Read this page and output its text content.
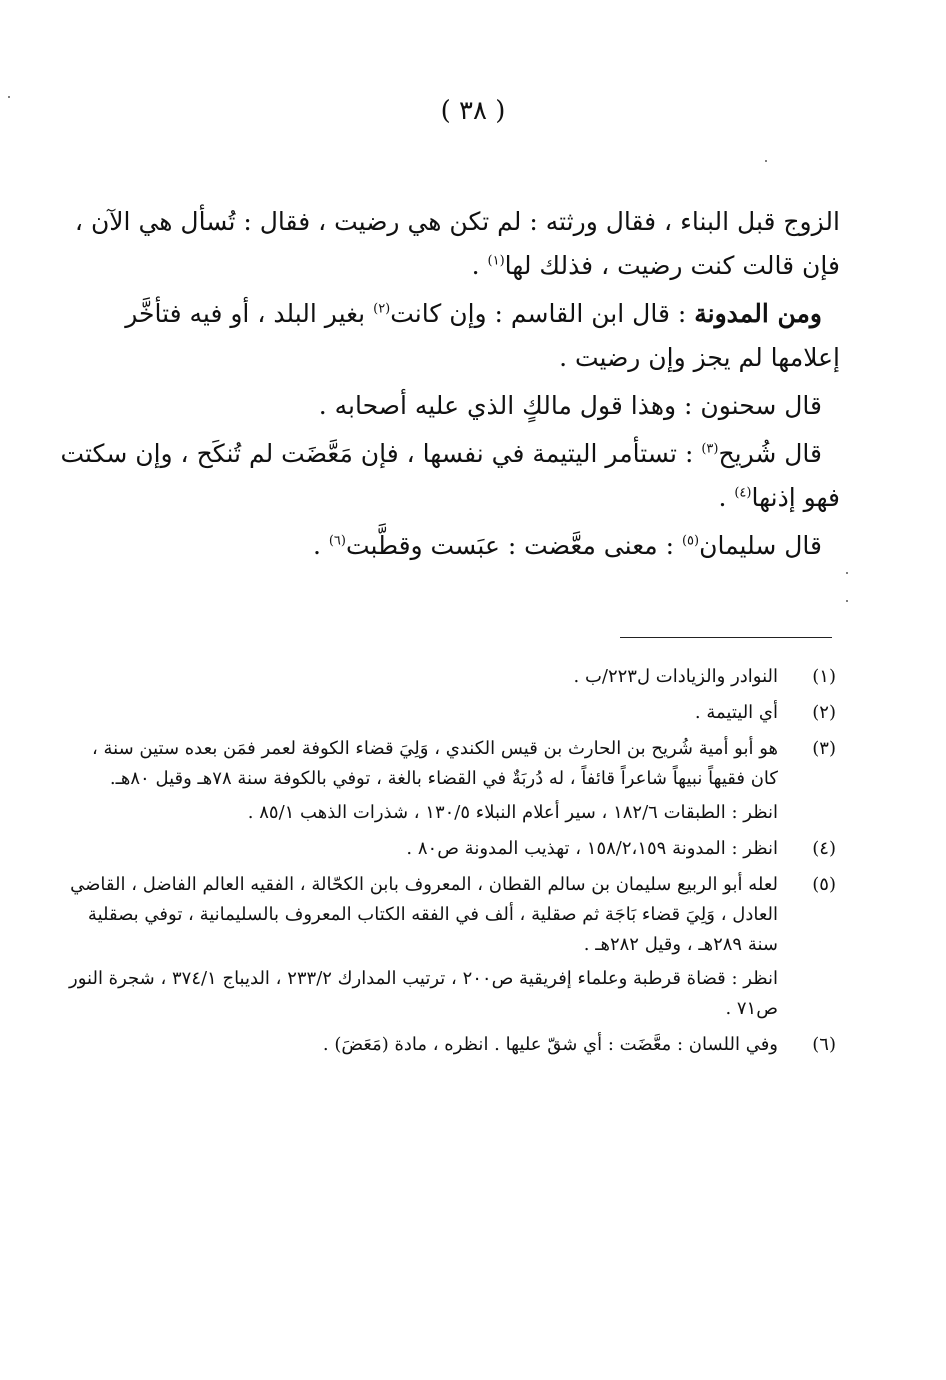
( ٣٨ )

الزوج قبل البناء ، فقال ورثته : لم تكن هي رضيت ، فقال : تُسأل هي الآن ، فإن قالت كنت رضيت ، فذلك لها$^{(١)}$ .

ومن المدونة : قال ابن القاسم : وإن كانت$^{(٢)}$ بغير البلد ، أو فيه فتأخَّر إعلامها لم يجز وإن رضيت .

قال سحنون : وهذا قول مالكٍ الذي عليه أصحابه .

قال شُريح$^{(٣)}$ : تستأمر اليتيمة في نفسها ، فإن مَعَّضَت لم تُنكَح ، وإن سكتت فهو إذنها$^{(٤)}$ .

قال سليمان$^{(٥)}$ : معنى معَّضت : عبَست وقطَّبت$^{(٦)}$ .

(١)

النوادر والزيادات ل٢٢٣/ب .

(٢)

أي اليتيمة .

(٣)

هو أبو أمية شُريح بن الحارث بن قيس الكندي ، وَلِيَ قضاء الكوفة لعمر فمَن بعده ستين سنة ، كان فقيهاً نبيهاً شاعراً قائفاً ، له دُربَةٌ في القضاء بالغة ، توفي بالكوفة سنة ٧٨هـ وقيل ٨٠هـ.

انظر : الطبقات ١٨٢/٦ ، سير أعلام النبلاء ١٣٠/٥ ، شذرات الذهب ٨٥/١ .

(٤)

انظر : المدونة ١٥٨/٢،١٥٩ ، تهذيب المدونة ص٨٠ .

(٥)

لعله أبو الربيع سليمان بن سالم القطان ، المعروف بابن الكحّالة ، الفقيه العالم الفاضل ، القاضي العادل ، وَلِيَ قضاء بَاجَة ثم صقلية ، ألف في الفقه الكتاب المعروف بالسليمانية ، توفي بصقلية سنة ٢٨٩هـ ، وقيل ٢٨٢هـ .

انظر : قضاة قرطبة وعلماء إفريقية ص٢٠٠ ، ترتيب المدارك ٢٣٣/٢ ، الديباج ٣٧٤/١ ، شجرة النور ص٧١ .

(٦)

وفي اللسان : معَّضَت : أي شقّ عليها . انظره ، مادة (مَعَضَ) .
